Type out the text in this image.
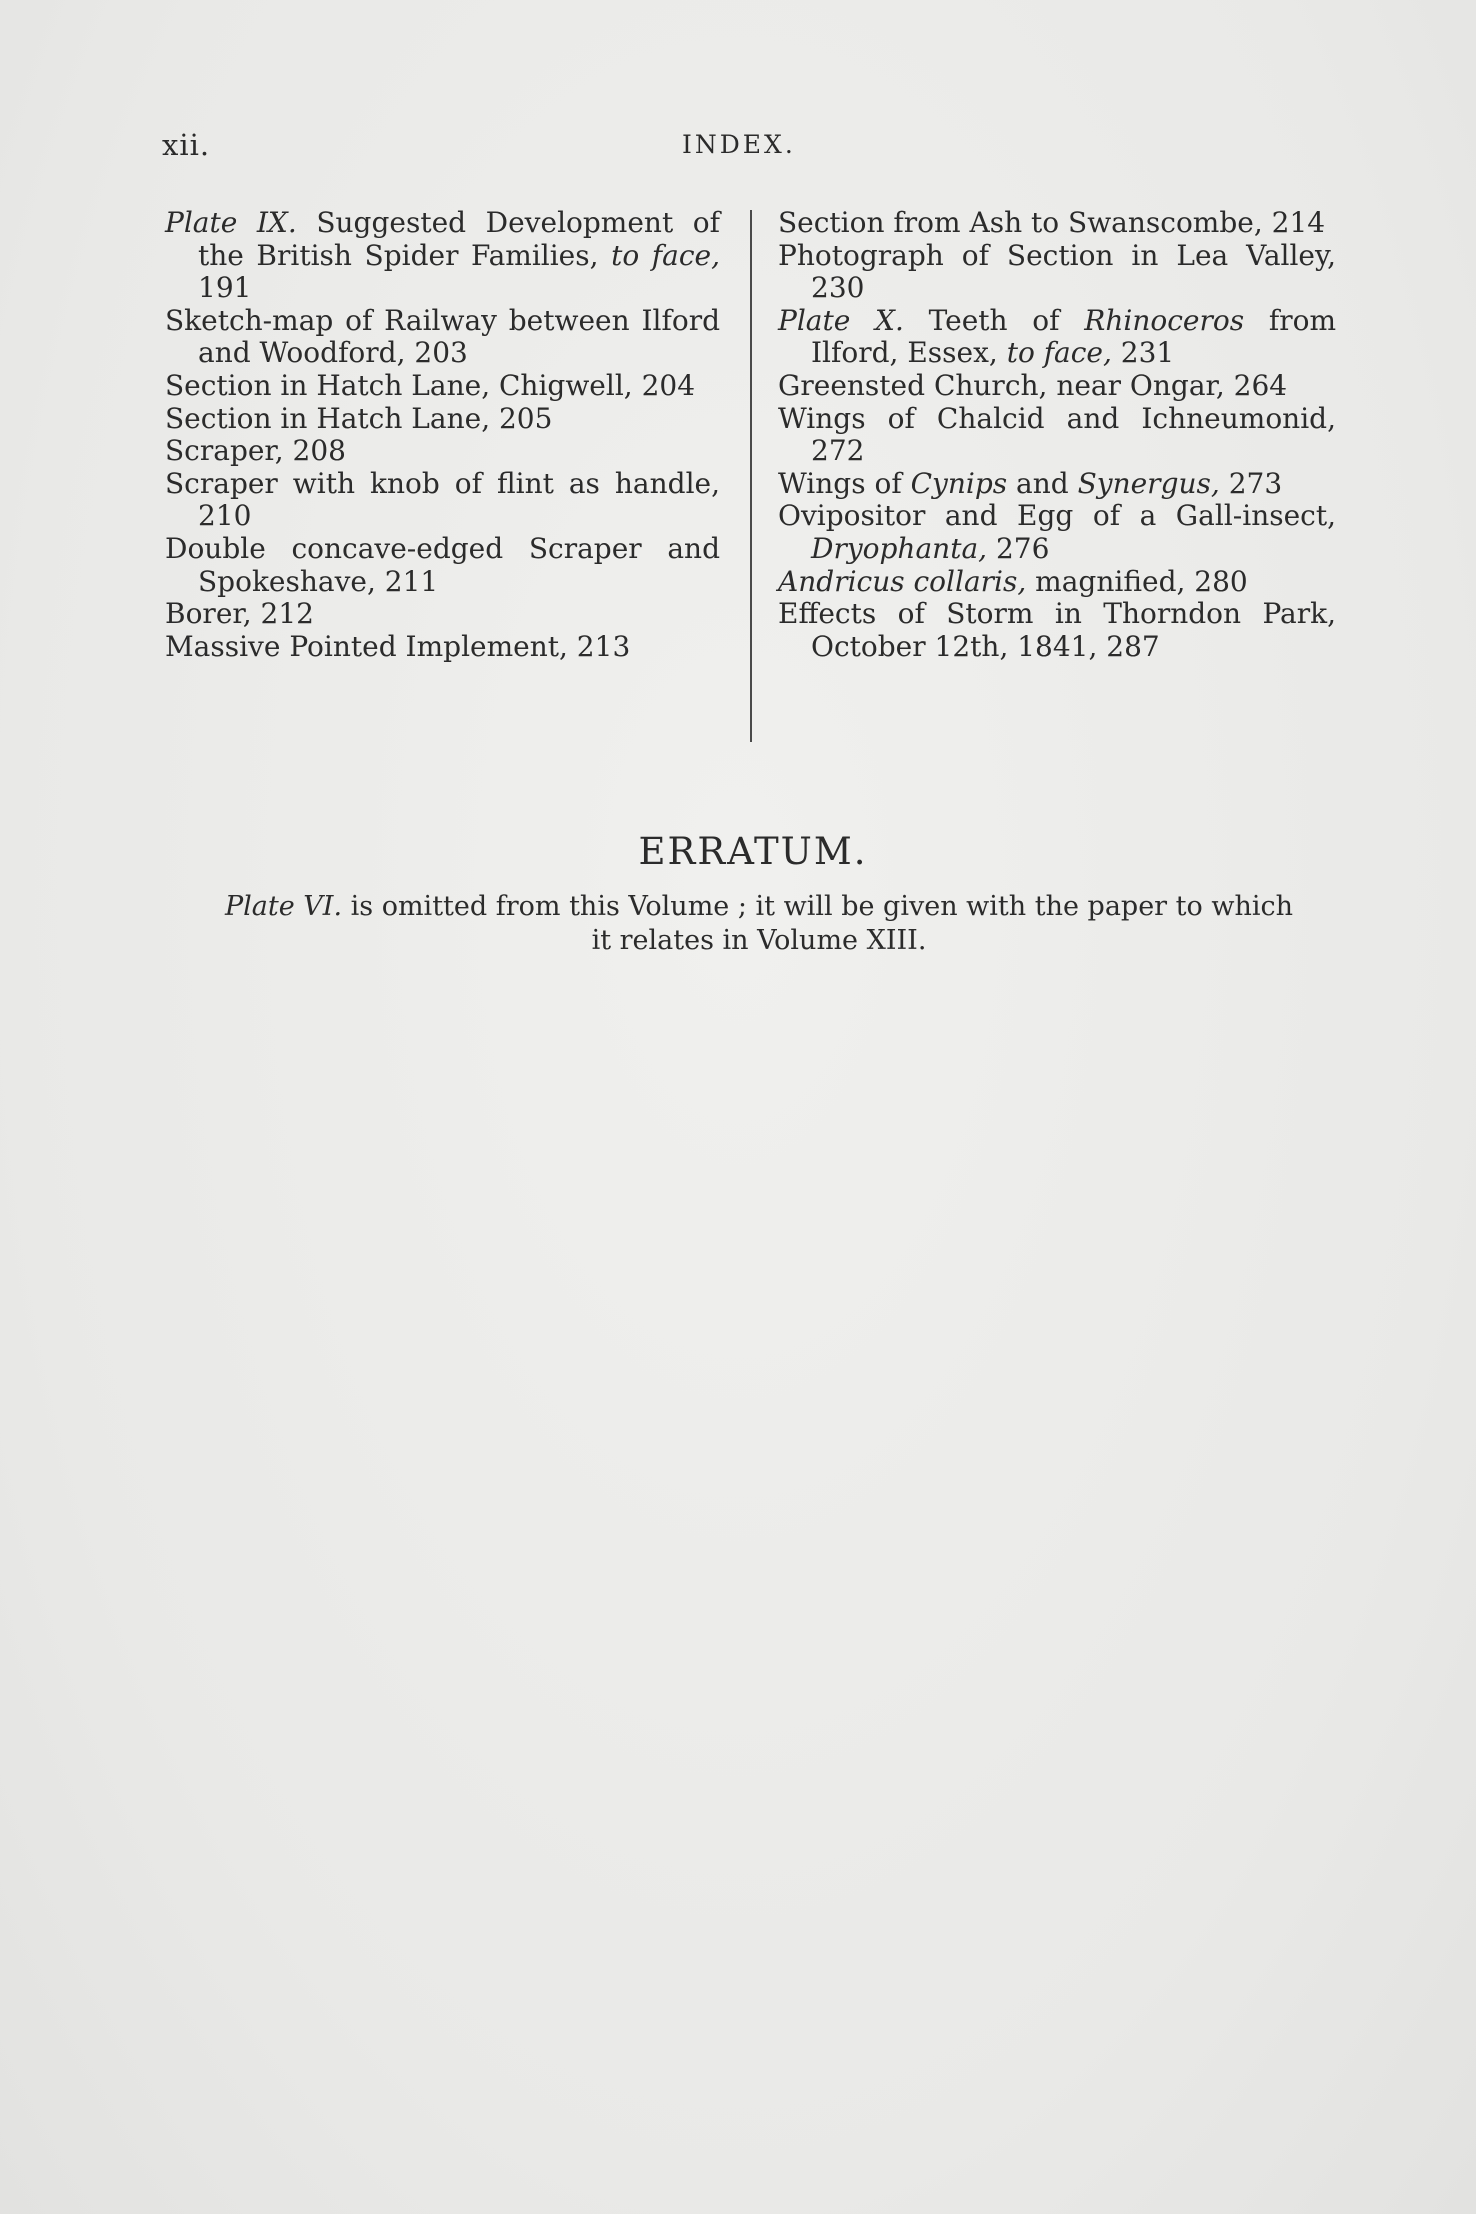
xii.	INDEX.
Plate IX. Suggested Development of the British Spider Families, to face, 191
Sketch-map of Railway between Ilford and Woodford, 203
Section in Hatch Lane, Chigwell, 204
Section in Hatch Lane, 205
Scraper, 208
Scraper with knob of flint as handle, 210
Double concave-edged Scraper and Spokeshave, 211
Borer, 212
Massive Pointed Implement, 213
Section from Ash to Swanscombe, 214
Photograph of Section in Lea Valley, 230
Plate X. Teeth of Rhinoceros from Ilford, Essex, to face, 231
Greensted Church, near Ongar, 264
Wings of Chalcid and Ichneumonid, 272
Wings of Cynips and Synergus, 273
Ovipositor and Egg of a Gall-insect, Dryophanta, 276
Andricus collaris, magnified, 280
Effects of Storm in Thorndon Park, October 12th, 1841, 287
ERRATUM.
Plate VI. is omitted from this Volume ; it will be given with the paper to which it relates in Volume XIII.
